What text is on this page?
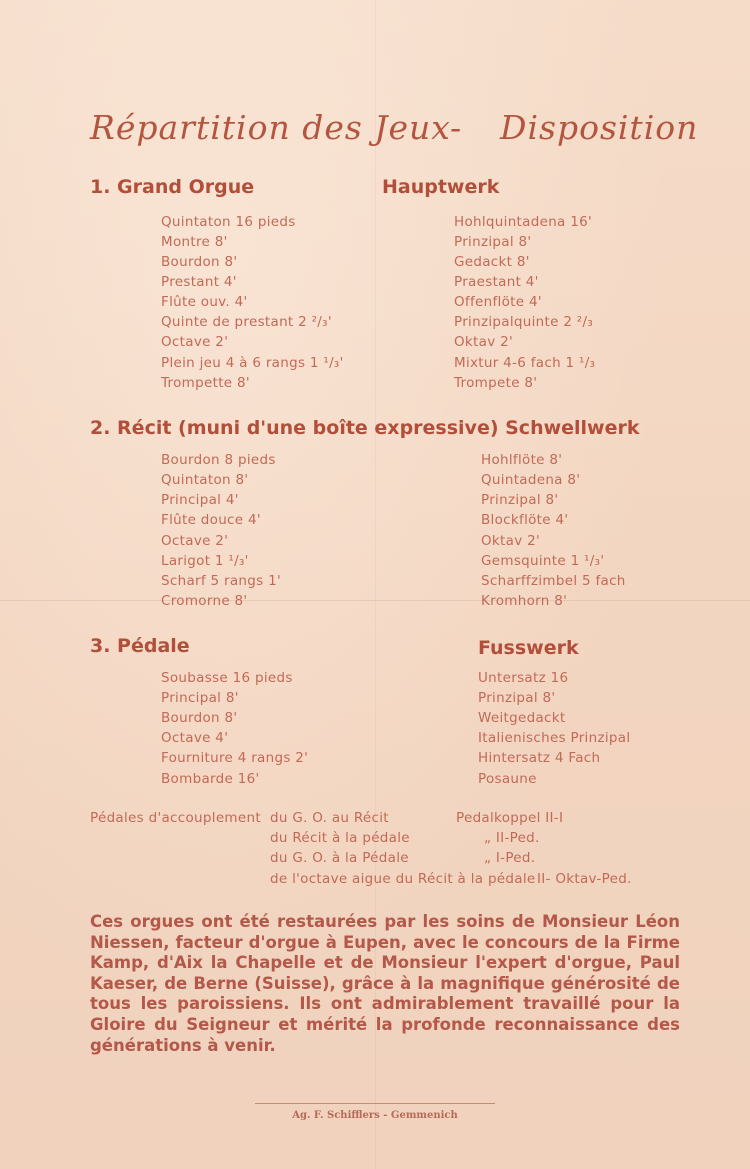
Répartition des Jeux - Disposition
1. Grand Orgue	Hauptwerk
Quintaton 16 pieds
Montre 8'
Bourdon 8'
Prestant 4'
Flûte ouv. 4'
Quinte de prestant 2 ²/₃'
Octave 2'
Plein jeu 4 à 6 rangs 1 ¹/₃'
Trompette 8'
Hohlquintadena 16'
Prinzipal 8'
Gedackt 8'
Praestant 4'
Offenflöte 4'
Prinzipalquinte 2 ²/₃
Oktav 2'
Mixtur 4-6 fach 1 ¹/₃
Trompete 8'
2. Récit (muni d'une boîte expressive) Schwellwerk
Bourdon 8 pieds
Quintaton 8'
Principal 4'
Flûte douce 4'
Octave 2'
Larigot 1 ¹/₃'
Scharf 5 rangs 1'
Cromorne 8'
Hohlflöte 8'
Quintadena 8'
Prinzipal 8'
Blockflöte 4'
Oktav 2'
Gemsquinte 1 ¹/₃'
Scharffzimbel 5 fach
Kromhorn 8'
3. Pédale	Fusswerk
Soubasse 16 pieds
Principal 8'
Bourdon 8'
Octave 4'
Fourniture 4 rangs 2'
Bombarde 16'
Untersatz 16
Prinzipal 8'
Weitgedackt
Italienisches Prinzipal
Hintersatz 4 Fach
Posaune
Pédales d'accouplement du G. O. au Récit
du Récit à la pédale
du G. O. à la Pédale
de l'octave aigue du Récit à la pédale
Pedalkoppel II-I
„ II-Ped.
„ I-Ped.
II- Oktav-Ped.
Ces orgues ont été restaurées par les soins de Monsieur Léon Niessen, facteur d'orgue à Eupen, avec le concours de la Firme Kamp, d'Aix la Chapelle et de Monsieur l'expert d'orgue, Paul Kaeser, de Berne (Suisse), grâce à la magnifique générosité de tous les paroissiens. Ils ont admirablement travaillé pour la Gloire du Seigneur et mérité la profonde reconnaissance des générations à venir.
Ag. F. Schifflers - Gemmenich
